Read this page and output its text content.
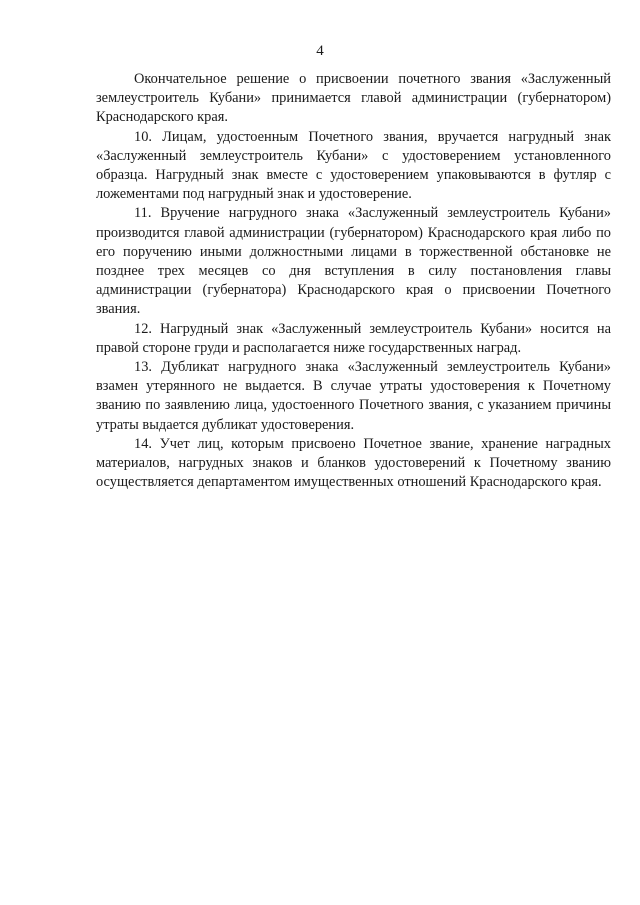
4

Окончательное решение о присвоении почетного звания «Заслуженный землеустроитель Кубани» принимается главой администрации (губернатором) Краснодарского края.

10. Лицам, удостоенным Почетного звания, вручается нагрудный знак «Заслуженный землеустроитель Кубани» с удостоверением установленного образца. Нагрудный знак вместе с удостоверением упаковываются в футляр с ложементами под нагрудный знак и удостоверение.

11. Вручение нагрудного знака «Заслуженный землеустроитель Кубани» производится главой администрации (губернатором) Краснодарского края либо по его поручению иными должностными лицами в торжественной обстановке не позднее трех месяцев со дня вступления в силу постановления главы администрации (губернатора) Краснодарского края о присвоении Почетного звания.

12. Нагрудный знак «Заслуженный землеустроитель Кубани» носится на правой стороне груди и располагается ниже государственных наград.

13. Дубликат нагрудного знака «Заслуженный землеустроитель Кубани» взамен утерянного не выдается. В случае утраты удостоверения к Почетному званию по заявлению лица, удостоенного Почетного звания, с указанием причины утраты выдается дубликат удостоверения.

14. Учет лиц, которым присвоено Почетное звание, хранение наградных материалов, нагрудных знаков и бланков удостоверений к Почетному званию осуществляется департаментом имущественных отношений Краснодарского края.
